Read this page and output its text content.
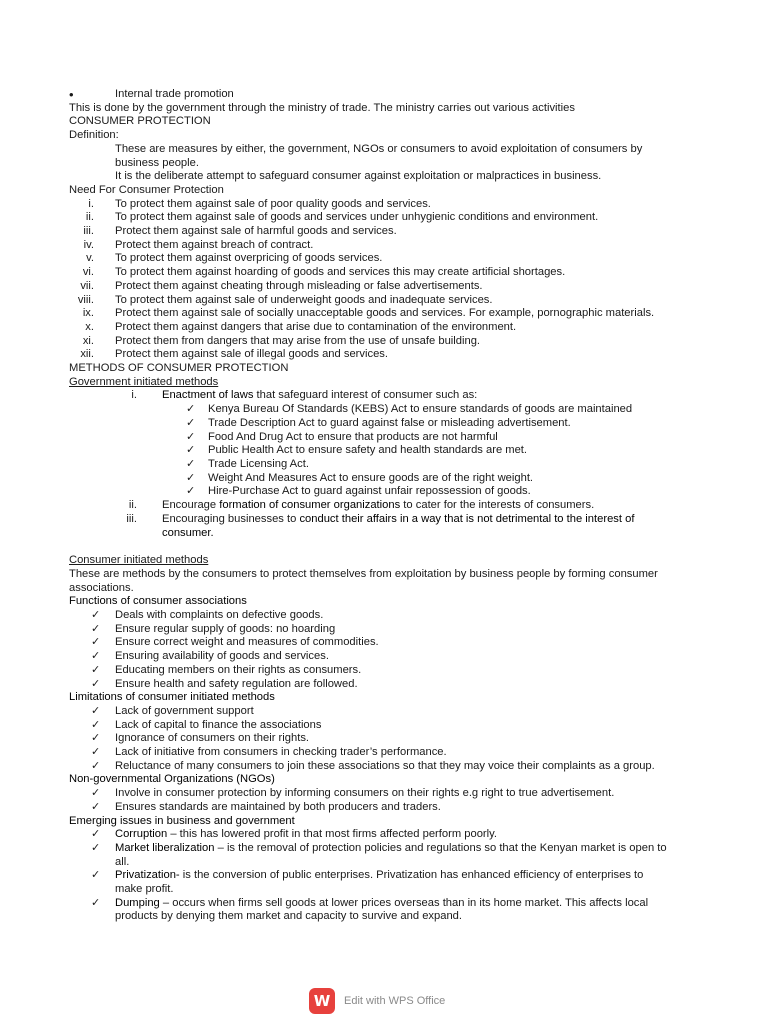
•	Internal trade promotion
This is done by the government through the ministry of trade. The ministry carries out various activities
CONSUMER PROTECTION
Definition:
These are measures by either, the government, NGOs or consumers to avoid exploitation of consumers by
business people.
It is the deliberate attempt to safeguard consumer against exploitation or malpractices in business.
Need For Consumer Protection
i. To protect them against sale of poor quality goods and services.
ii. To protect them against sale of goods and services under unhygienic conditions and environment.
iii. Protect them against sale of harmful goods and services.
iv. Protect them against breach of contract.
v. To protect them against overpricing of goods services.
vi. To protect them against hoarding of goods and services this may create artificial shortages.
vii. Protect them against cheating through misleading or false advertisements.
viii. To protect them against sale of underweight goods and inadequate services.
ix. Protect them against sale of socially unacceptable goods and services. For example, pornographic materials.
x. Protect them against dangers that arise due to contamination of the environment.
xi. Protect them from dangers that may arise from the use of unsafe building.
xii. Protect them against sale of illegal goods and services.
METHODS OF CONSUMER PROTECTION
Government initiated methods
i. Enactment of laws that safeguard interest of consumer such as:
✓ Kenya Bureau Of Standards (KEBS) Act to ensure standards of goods are maintained
✓ Trade Description Act to guard against false or misleading advertisement.
✓ Food And Drug Act to ensure that products are not harmful
✓ Public Health Act to ensure safety and health standards are met.
✓ Trade Licensing Act.
✓ Weight And Measures Act to ensure goods are of the right weight.
✓ Hire-Purchase Act to guard against unfair repossession of goods.
ii. Encourage formation of consumer organizations to cater for the interests of consumers.
iii. Encouraging businesses to conduct their affairs in a way that is not detrimental to the interest of
consumer.
Consumer initiated methods
These are methods by the consumers to protect themselves from exploitation by business people by forming consumer
associations.
Functions of consumer associations
✓ Deals with complaints on defective goods.
✓ Ensure regular supply of goods: no hoarding
✓ Ensure correct weight and measures of commodities.
✓ Ensuring availability of goods and services.
✓ Educating members on their rights as consumers.
✓ Ensure health and safety regulation are followed.
Limitations of consumer initiated methods
✓ Lack of government support
✓ Lack of capital to finance the associations
✓ Ignorance of consumers on their rights.
✓ Lack of initiative from consumers in checking trader’s performance.
✓ Reluctance of many consumers to join these associations so that they may voice their complaints as a group.
Non-governmental Organizations (NGOs)
✓ Involve in consumer protection by informing consumers on their rights e.g right to true advertisement.
✓ Ensures standards are maintained by both producers and traders.
Emerging issues in business and government
✓ Corruption – this has lowered profit in that most firms affected perform poorly.
✓ Market liberalization – is the removal of protection policies and regulations so that the Kenyan market is open to
all.
✓ Privatization- is the conversion of public enterprises. Privatization has enhanced efficiency of enterprises to
make profit.
✓ Dumping – occurs when firms sell goods at lower prices overseas than in its home market. This affects local
products by denying them market and capacity to survive and expand.
W	Edit with WPS Office
